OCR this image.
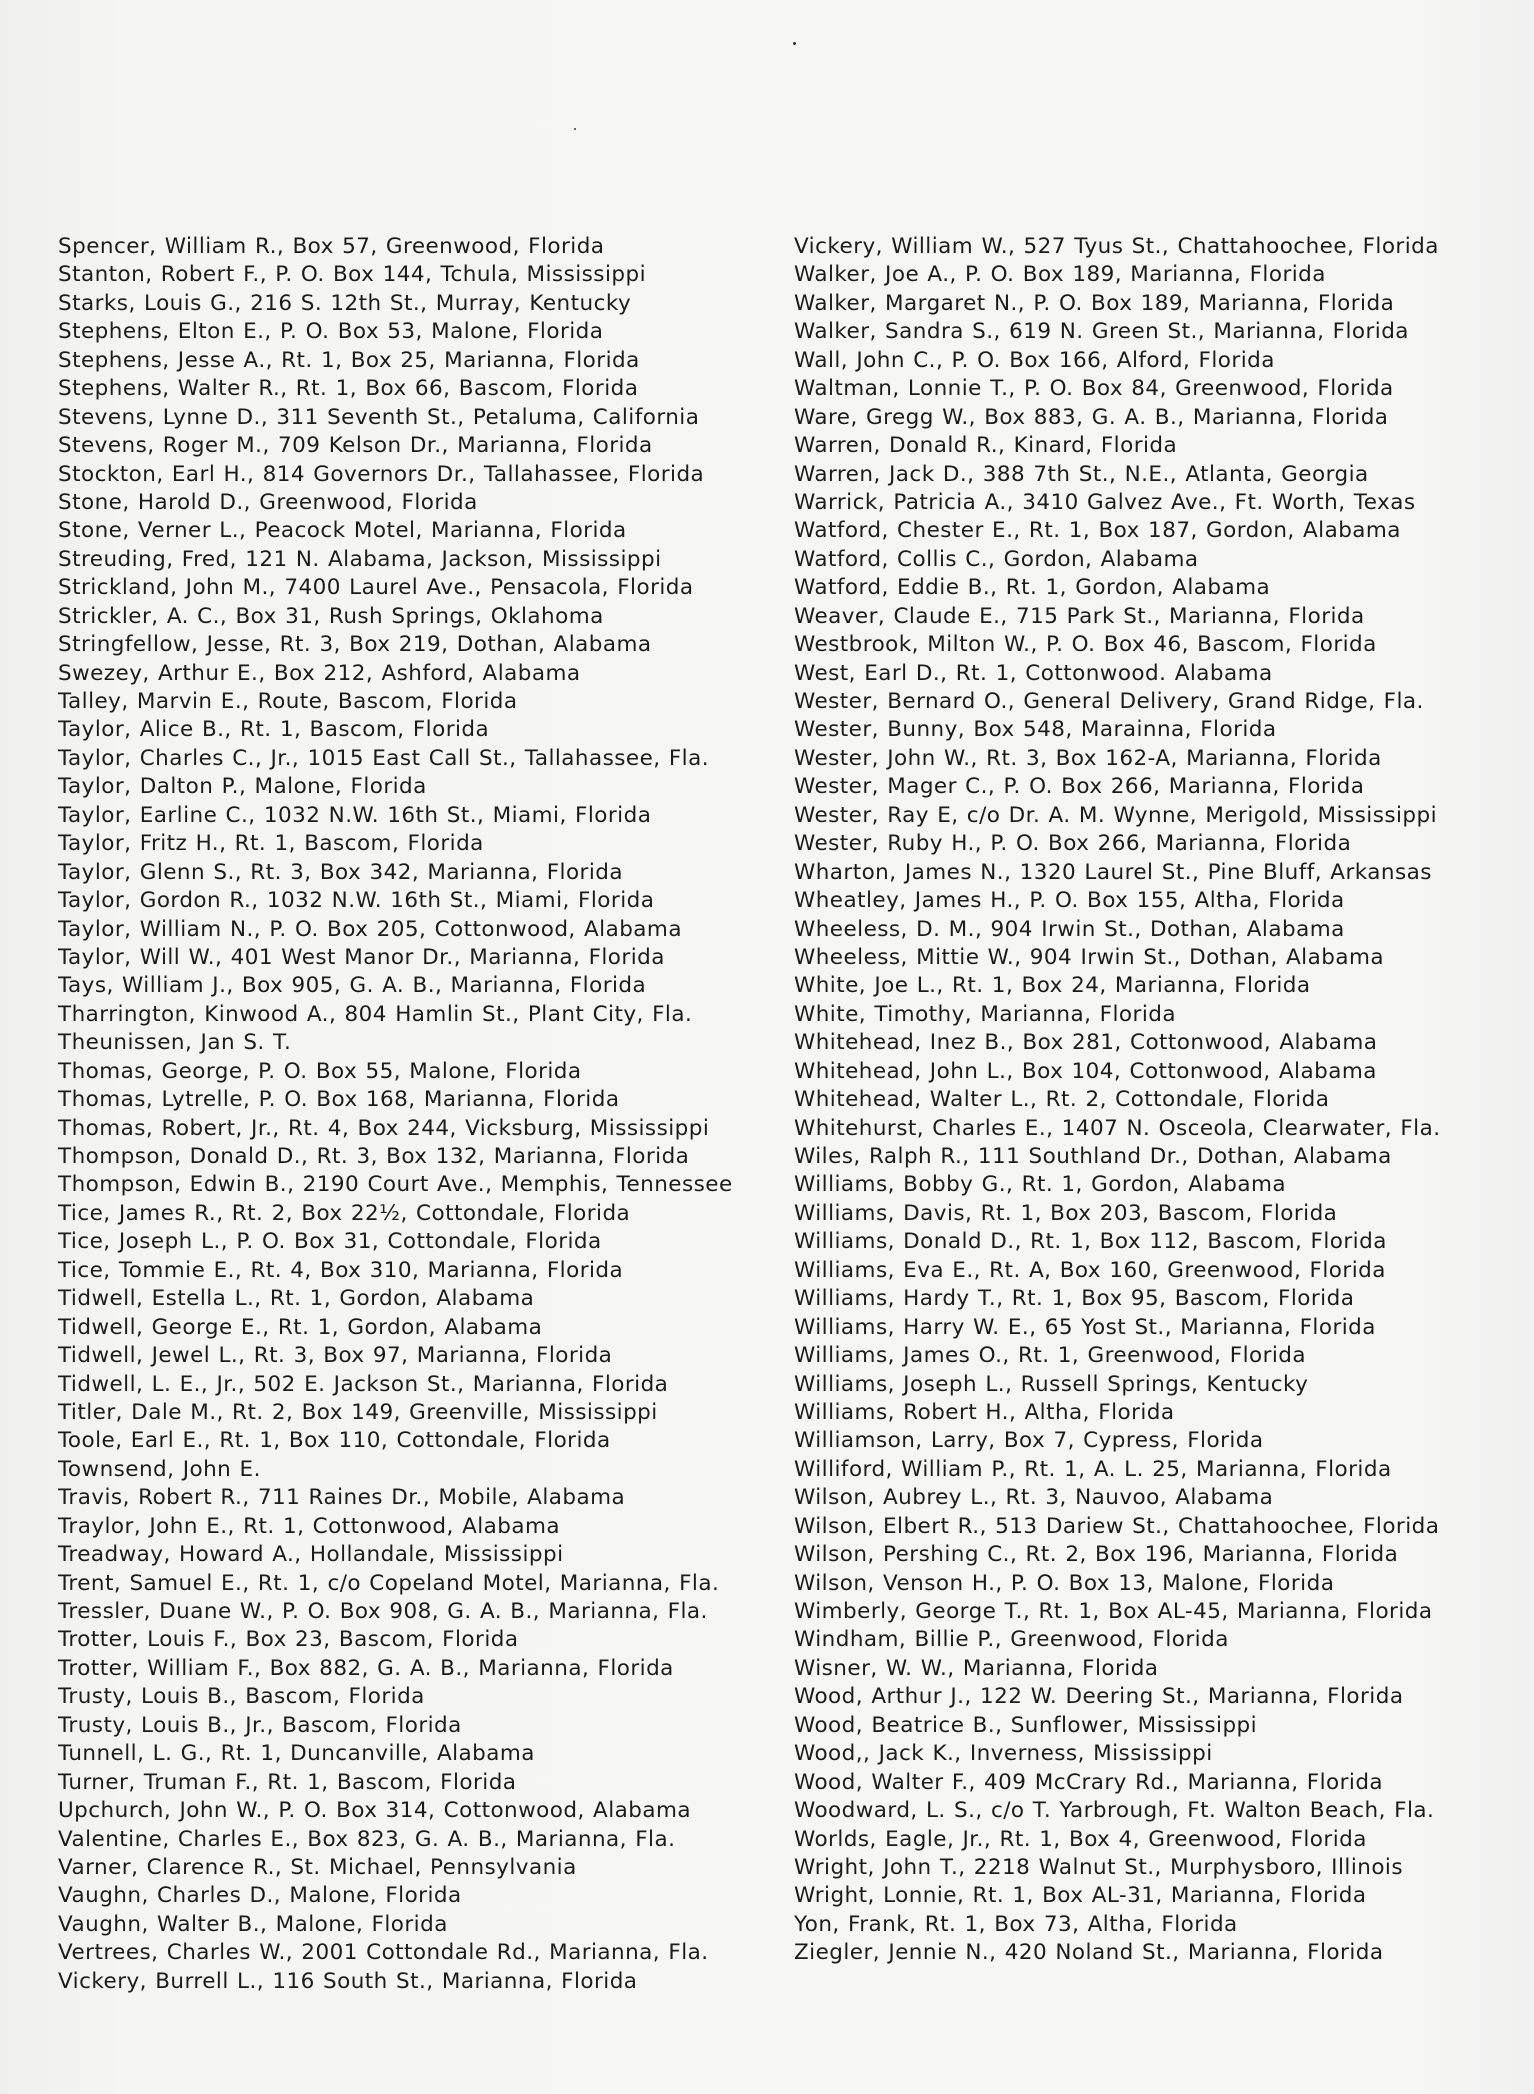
Spencer, William R., Box 57, Greenwood, Florida
Stanton, Robert F., P. O. Box 144, Tchula, Mississippi
Starks, Louis G., 216 S. 12th St., Murray, Kentucky
Stephens, Elton E., P. O. Box 53, Malone, Florida
Stephens, Jesse A., Rt. 1, Box 25, Marianna, Florida
Stephens, Walter R., Rt. 1, Box 66, Bascom, Florida
Stevens, Lynne D., 311 Seventh St., Petaluma, California
Stevens, Roger M., 709 Kelson Dr., Marianna, Florida
Stockton, Earl H., 814 Governors Dr., Tallahassee, Florida
Stone, Harold D., Greenwood, Florida
Stone, Verner L., Peacock Motel, Marianna, Florida
Streuding, Fred, 121 N. Alabama, Jackson, Mississippi
Strickland, John M., 7400 Laurel Ave., Pensacola, Florida
Strickler, A. C., Box 31, Rush Springs, Oklahoma
Stringfellow, Jesse, Rt. 3, Box 219, Dothan, Alabama
Swezey, Arthur E., Box 212, Ashford, Alabama
Talley, Marvin E., Route, Bascom, Florida
Taylor, Alice B., Rt. 1, Bascom, Florida
Taylor, Charles C., Jr., 1015 East Call St., Tallahassee, Fla.
Taylor, Dalton P., Malone, Florida
Taylor, Earline C., 1032 N.W. 16th St., Miami, Florida
Taylor, Fritz H., Rt. 1, Bascom, Florida
Taylor, Glenn S., Rt. 3, Box 342, Marianna, Florida
Taylor, Gordon R., 1032 N.W. 16th St., Miami, Florida
Taylor, William N., P. O. Box 205, Cottonwood, Alabama
Taylor, Will W., 401 West Manor Dr., Marianna, Florida
Tays, William J., Box 905, G. A. B., Marianna, Florida
Tharrington, Kinwood A., 804 Hamlin St., Plant City, Fla.
Theunissen, Jan S. T.
Thomas, George, P. O. Box 55, Malone, Florida
Thomas, Lytrelle, P. O. Box 168, Marianna, Florida
Thomas, Robert, Jr., Rt. 4, Box 244, Vicksburg, Mississippi
Thompson, Donald D., Rt. 3, Box 132, Marianna, Florida
Thompson, Edwin B., 2190 Court Ave., Memphis, Tennessee
Tice, James R., Rt. 2, Box 22½, Cottondale, Florida
Tice, Joseph L., P. O. Box 31, Cottondale, Florida
Tice, Tommie E., Rt. 4, Box 310, Marianna, Florida
Tidwell, Estella L., Rt. 1, Gordon, Alabama
Tidwell, George E., Rt. 1, Gordon, Alabama
Tidwell, Jewel L., Rt. 3, Box 97, Marianna, Florida
Tidwell, L. E., Jr., 502 E. Jackson St., Marianna, Florida
Titler, Dale M., Rt. 2, Box 149, Greenville, Mississippi
Toole, Earl E., Rt. 1, Box 110, Cottondale, Florida
Townsend, John E.
Travis, Robert R., 711 Raines Dr., Mobile, Alabama
Traylor, John E., Rt. 1, Cottonwood, Alabama
Treadway, Howard A., Hollandale, Mississippi
Trent, Samuel E., Rt. 1, c/o Copeland Motel, Marianna, Fla.
Tressler, Duane W., P. O. Box 908, G. A. B., Marianna, Fla.
Trotter, Louis F., Box 23, Bascom, Florida
Trotter, William F., Box 882, G. A. B., Marianna, Florida
Trusty, Louis B., Bascom, Florida
Trusty, Louis B., Jr., Bascom, Florida
Tunnell, L. G., Rt. 1, Duncanville, Alabama
Turner, Truman F., Rt. 1, Bascom, Florida
Upchurch, John W., P. O. Box 314, Cottonwood, Alabama
Valentine, Charles E., Box 823, G. A. B., Marianna, Fla.
Varner, Clarence R., St. Michael, Pennsylvania
Vaughn, Charles D., Malone, Florida
Vaughn, Walter B., Malone, Florida
Vertrees, Charles W., 2001 Cottondale Rd., Marianna, Fla.
Vickery, Burrell L., 116 South St., Marianna, Florida
Vickery, William W., 527 Tyus St., Chattahoochee, Florida
Walker, Joe A., P. O. Box 189, Marianna, Florida
Walker, Margaret N., P. O. Box 189, Marianna, Florida
Walker, Sandra S., 619 N. Green St., Marianna, Florida
Wall, John C., P. O. Box 166, Alford, Florida
Waltman, Lonnie T., P. O. Box 84, Greenwood, Florida
Ware, Gregg W., Box 883, G. A. B., Marianna, Florida
Warren, Donald R., Kinard, Florida
Warren, Jack D., 388 7th St., N.E., Atlanta, Georgia
Warrick, Patricia A., 3410 Galvez Ave., Ft. Worth, Texas
Watford, Chester E., Rt. 1, Box 187, Gordon, Alabama
Watford, Collis C., Gordon, Alabama
Watford, Eddie B., Rt. 1, Gordon, Alabama
Weaver, Claude E., 715 Park St., Marianna, Florida
Westbrook, Milton W., P. O. Box 46, Bascom, Florida
West, Earl D., Rt. 1, Cottonwood. Alabama
Wester, Bernard O., General Delivery, Grand Ridge, Fla.
Wester, Bunny, Box 548, Marainna, Florida
Wester, John W., Rt. 3, Box 162-A, Marianna, Florida
Wester, Mager C., P. O. Box 266, Marianna, Florida
Wester, Ray E, c/o Dr. A. M. Wynne, Merigold, Mississippi
Wester, Ruby H., P. O. Box 266, Marianna, Florida
Wharton, James N., 1320 Laurel St., Pine Bluff, Arkansas
Wheatley, James H., P. O. Box 155, Altha, Florida
Wheeless, D. M., 904 Irwin St., Dothan, Alabama
Wheeless, Mittie W., 904 Irwin St., Dothan, Alabama
White, Joe L., Rt. 1, Box 24, Marianna, Florida
White, Timothy, Marianna, Florida
Whitehead, Inez B., Box 281, Cottonwood, Alabama
Whitehead, John L., Box 104, Cottonwood, Alabama
Whitehead, Walter L., Rt. 2, Cottondale, Florida
Whitehurst, Charles E., 1407 N. Osceola, Clearwater, Fla.
Wiles, Ralph R., 111 Southland Dr., Dothan, Alabama
Williams, Bobby G., Rt. 1, Gordon, Alabama
Williams, Davis, Rt. 1, Box 203, Bascom, Florida
Williams, Donald D., Rt. 1, Box 112, Bascom, Florida
Williams, Eva E., Rt. A, Box 160, Greenwood, Florida
Williams, Hardy T., Rt. 1, Box 95, Bascom, Florida
Williams, Harry W. E., 65 Yost St., Marianna, Florida
Williams, James O., Rt. 1, Greenwood, Florida
Williams, Joseph L., Russell Springs, Kentucky
Williams, Robert H., Altha, Florida
Williamson, Larry, Box 7, Cypress, Florida
Williford, William P., Rt. 1, A. L. 25, Marianna, Florida
Wilson, Aubrey L., Rt. 3, Nauvoo, Alabama
Wilson, Elbert R., 513 Dariew St., Chattahoochee, Florida
Wilson, Pershing C., Rt. 2, Box 196, Marianna, Florida
Wilson, Venson H., P. O. Box 13, Malone, Florida
Wimberly, George T., Rt. 1, Box AL-45, Marianna, Florida
Windham, Billie P., Greenwood, Florida
Wisner, W. W., Marianna, Florida
Wood, Arthur J., 122 W. Deering St., Marianna, Florida
Wood, Beatrice B., Sunflower, Mississippi
Wood,, Jack K., Inverness, Mississippi
Wood, Walter F., 409 McCrary Rd., Marianna, Florida
Woodward, L. S., c/o T. Yarbrough, Ft. Walton Beach, Fla.
Worlds, Eagle, Jr., Rt. 1, Box 4, Greenwood, Florida
Wright, John T., 2218 Walnut St., Murphysboro, Illinois
Wright, Lonnie, Rt. 1, Box AL-31, Marianna, Florida
Yon, Frank, Rt. 1, Box 73, Altha, Florida
Ziegler, Jennie N., 420 Noland St., Marianna, Florida
